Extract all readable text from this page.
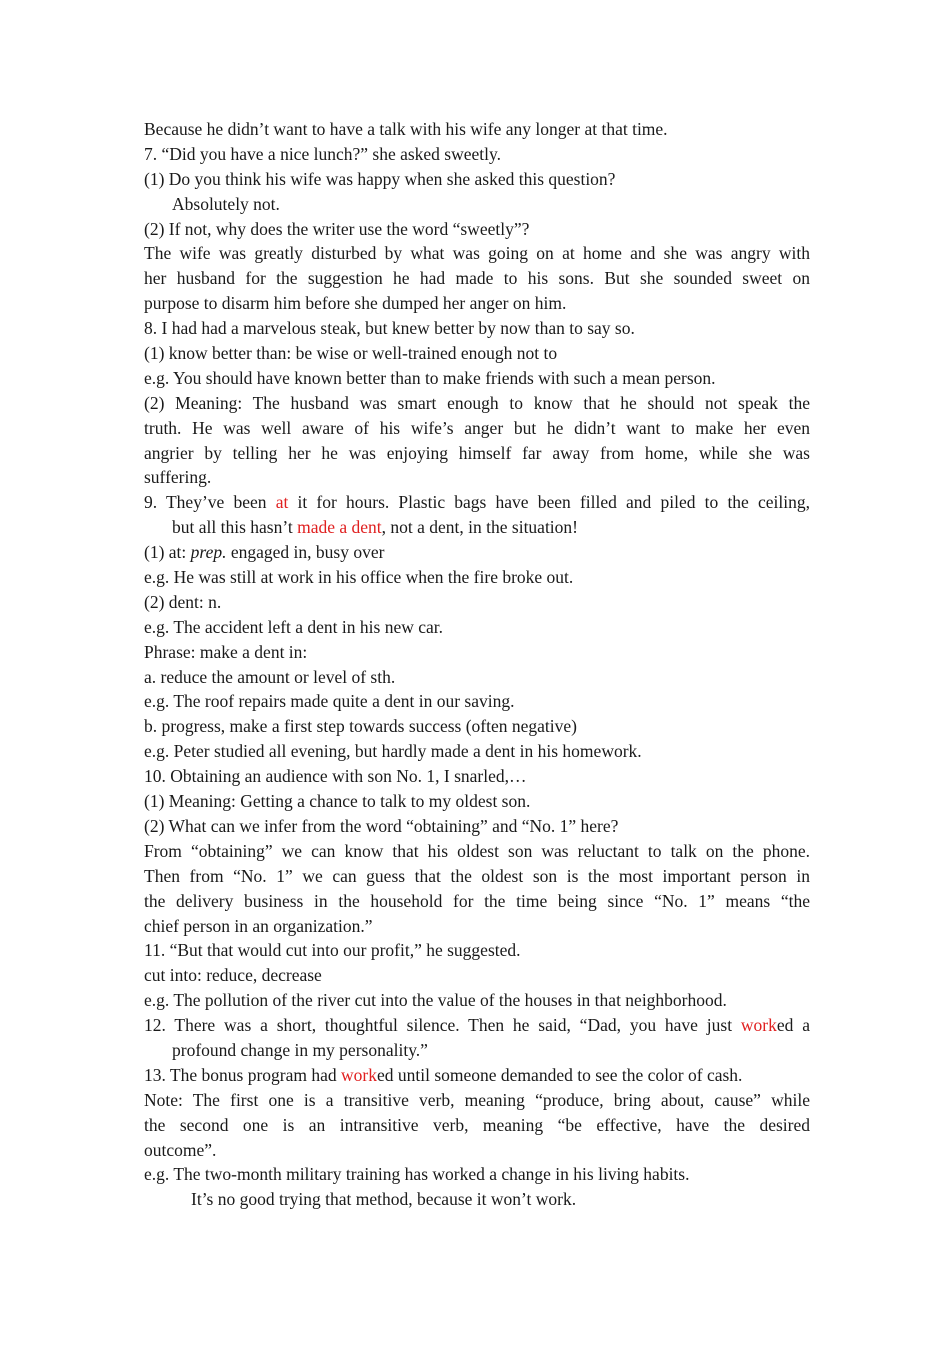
Because he didn’t want to have a talk with his wife any longer at that time.
7. “Did you have a nice lunch?” she asked sweetly.
(1) Do you think his wife was happy when she asked this question?
Absolutely not.
(2) If not, why does the writer use the word “sweetly”?
The wife was greatly disturbed by what was going on at home and she was angry with
her husband for the suggestion he had made to his sons. But she sounded sweet on
purpose to disarm him before she dumped her anger on him.
8. I had had a marvelous steak, but knew better by now than to say so.
(1) know better than: be wise or well-trained enough not to
e.g. You should have known better than to make friends with such a mean person.
(2) Meaning: The husband was smart enough to know that he should not speak the
truth. He was well aware of his wife’s anger but he didn’t want to make her even
angrier by telling her he was enjoying himself far away from home, while she was
suffering.
9. They’ve been at it for hours. Plastic bags have been filled and piled to the ceiling,
but all this hasn’t made a dent, not a dent, in the situation!
(1) at: prep. engaged in, busy over
e.g. He was still at work in his office when the fire broke out.
(2) dent: n.
e.g. The accident left a dent in his new car.
Phrase: make a dent in:
a. reduce the amount or level of sth.
e.g. The roof repairs made quite a dent in our saving.
b. progress, make a first step towards success (often negative)
e.g. Peter studied all evening, but hardly made a dent in his homework.
10. Obtaining an audience with son No. 1, I snarled,…
(1) Meaning: Getting a chance to talk to my oldest son.
(2) What can we infer from the word “obtaining” and “No. 1” here?
From “obtaining” we can know that his oldest son was reluctant to talk on the phone.
Then from “No. 1” we can guess that the oldest son is the most important person in
the delivery business in the household for the time being since “No. 1” means “the
chief person in an organization.”
11. “But that would cut into our profit,” he suggested.
cut into: reduce, decrease
e.g. The pollution of the river cut into the value of the houses in that neighborhood.
12. There was a short, thoughtful silence. Then he said, “Dad, you have just worked a
profound change in my personality.”
13. The bonus program had worked until someone demanded to see the color of cash.
Note: The first one is a transitive verb, meaning “produce, bring about, cause” while
the second one is an intransitive verb, meaning “be effective, have the desired
outcome”.
e.g. The two-month military training has worked a change in his living habits.
It’s no good trying that method, because it won’t work.
